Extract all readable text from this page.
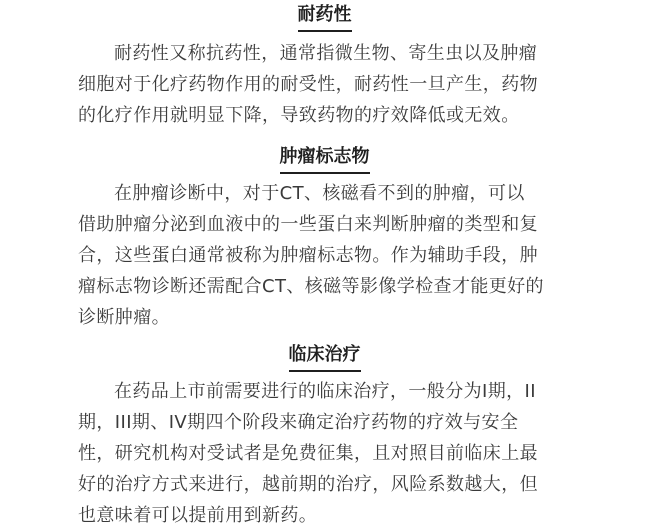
耐药性
耐药性又称抗药性，通常指微生物、寄生虫以及肿瘤
细胞对于化疗药物作用的耐受性，耐药性一旦产生，药物
的化疗作用就明显下降，导致药物的疗效降低或无效。
肿瘤标志物
在肿瘤诊断中，对于CT、核磁看不到的肿瘤，可以
借助肿瘤分泌到血液中的一些蛋白来判断肿瘤的类型和复
合，这些蛋白通常被称为肿瘤标志物。作为辅助手段，肿
瘤标志物诊断还需配合CT、核磁等影像学检查才能更好的
诊断肿瘤。
临床治疗
在药品上市前需要进行的临床治疗，一般分为I期，II
期，III期、IV期四个阶段来确定治疗药物的疗效与安全
性，研究机构对受试者是免费征集，且对照目前临床上最
好的治疗方式来进行，越前期的治疗，风险系数越大，但
也意味着可以提前用到新药。
